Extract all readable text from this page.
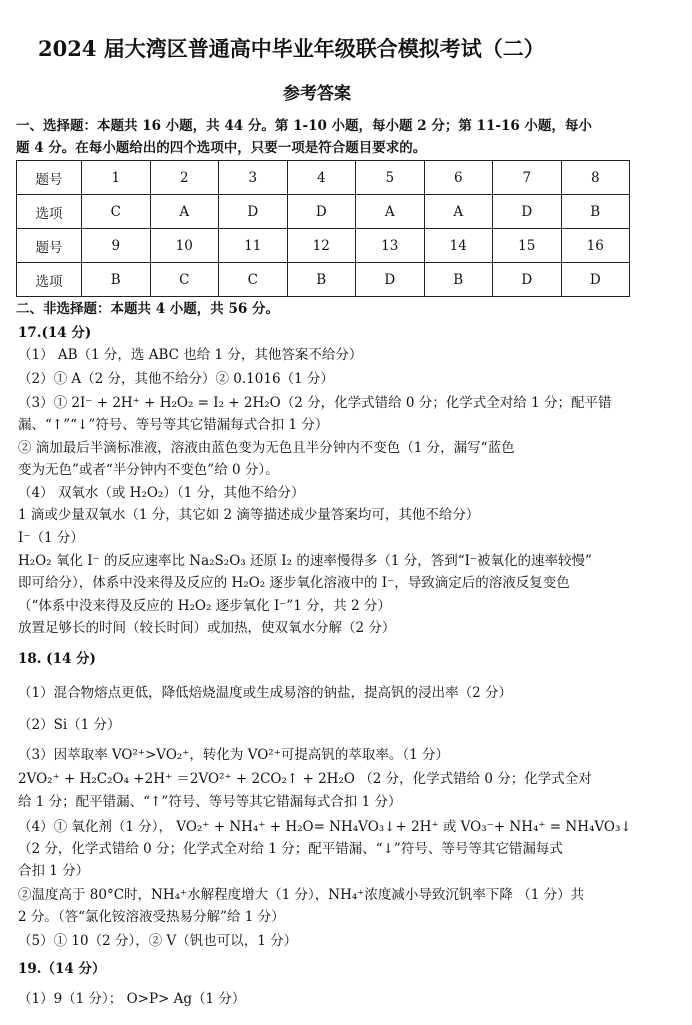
2024 届大湾区普通高中毕业年级联合模拟考试（二）
参考答案
一、选择题：本题共 16 小题，共 44 分。第 1-10 小题，每小题 2 分；第 11-16 小题，每小
题 4 分。在每小题给出的四个选项中，只要一项是符合题目要求的。
题号	1	2	3	4	5	6	7	8
选项	C	A	D	D	A	A	D	B
题号	9	10	11	12	13	14	15	16
选项	B	C	C	B	D	B	D	D
二、非选择题：本题共 4 小题，共 56 分。
17.(14 分)
（1） AB（1 分，选 ABC 也给 1 分，其他答案不给分）
（2）① A（2 分，其他不给分）② 0.1016（1 分）
（3）① 2I⁻ + 2H⁺ + H₂O₂ = I₂ + 2H₂O（2 分，化学式错给 0 分；化学式全对给 1 分；配平错
漏、“↑”“↓”符号、等号等其它错漏每式合扣 1 分）
② 滴加最后半滴标准液，溶液由蓝色变为无色且半分钟内不变色（1 分，漏写“蓝色
变为无色”或者“半分钟内不变色”给 0 分）。
（4） 双氧水（或 H₂O₂）（1 分，其他不给分）
1 滴或少量双氧水（1 分，其它如 2 滴等描述成少量答案均可，其他不给分）
I⁻（1 分）
H₂O₂ 氧化 I⁻ 的反应速率比 Na₂S₂O₃ 还原 I₂ 的速率慢得多（1 分，答到“I⁻被氧化的速率较慢”
即可给分），体系中没来得及反应的 H₂O₂ 逐步氧化溶液中的 I⁻，导致滴定后的溶液反复变色
（“体系中没来得及反应的 H₂O₂ 逐步氧化 I⁻”1 分，共 2 分）
放置足够长的时间（较长时间）或加热，使双氧水分解（2 分）
18. (14 分)
（1）混合物熔点更低，降低焙烧温度或生成易溶的钠盐，提高钒的浸出率（2 分）
（2）Si（1 分）
（3）因萃取率 VO²⁺>VO₂⁺，转化为 VO²⁺可提高钒的萃取率。（1 分）
2VO₂⁺ + H₂C₂O₄ +2H⁺ ＝2VO²⁺ + 2CO₂↑ + 2H₂O （2 分，化学式错给 0 分；化学式全对
给 1 分；配平错漏、“↑”符号、等号等其它错漏每式合扣 1 分）
（4）① 氧化剂（1 分）， VO₂⁺ + NH₄⁺ + H₂O= NH₄VO₃↓+ 2H⁺ 或 VO₃⁻+ NH₄⁺ = NH₄VO₃↓
（2 分，化学式错给 0 分；化学式全对给 1 分；配平错漏、“↓”符号、等号等其它错漏每式
合扣 1 分）
②温度高于 80°C时，NH₄⁺水解程度增大（1 分），NH₄⁺浓度减小导致沉钒率下降 （1 分）共
2 分。（答“氯化铵溶液受热易分解”给 1 分）
（5）① 10（2 分），② V（钒也可以，1 分）
19.（14 分）
（1）9（1 分）； O>P> Ag（1 分）
